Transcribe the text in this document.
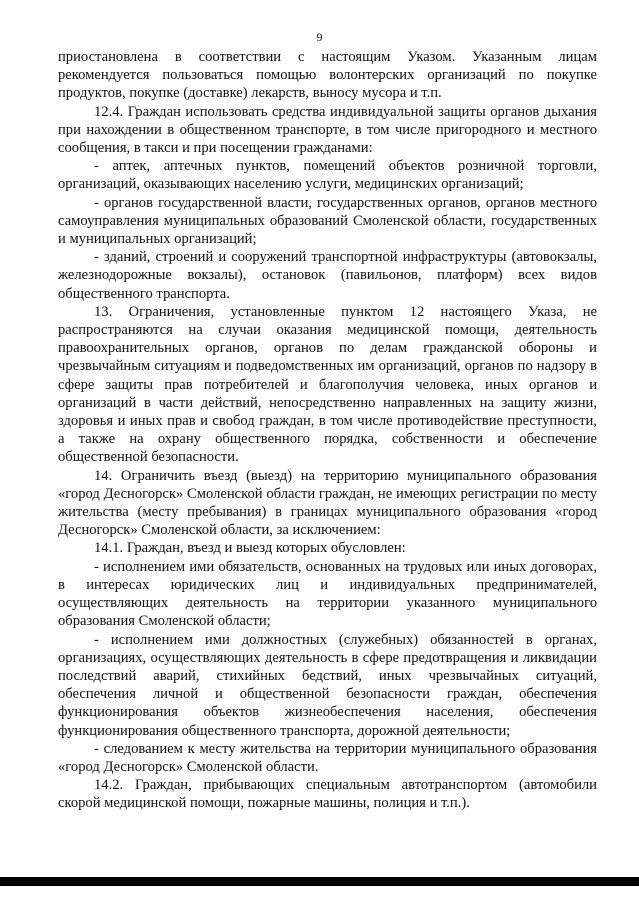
9

приостановлена в соответствии с настоящим Указом. Указанным лицам рекомендуется пользоваться помощью волонтерских организаций по покупке продуктов, покупке (доставке) лекарств, выносу мусора и т.п.

12.4. Граждан использовать средства индивидуальной защиты органов дыхания при нахождении в общественном транспорте, в том числе пригородного и местного сообщения, в такси и при посещении гражданами:

- аптек, аптечных пунктов, помещений объектов розничной торговли, организаций, оказывающих населению услуги, медицинских организаций;

- органов государственной власти, государственных органов, органов местного самоуправления муниципальных образований Смоленской области, государственных и муниципальных организаций;

- зданий, строений и сооружений транспортной инфраструктуры (автовокзалы, железнодорожные вокзалы), остановок (павильонов, платформ) всех видов общественного транспорта.

13. Ограничения, установленные пунктом 12 настоящего Указа, не распространяются на случаи оказания медицинской помощи, деятельность правоохранительных органов, органов по делам гражданской обороны и чрезвычайным ситуациям и подведомственных им организаций, органов по надзору в сфере защиты прав потребителей и благополучия человека, иных органов и организаций в части действий, непосредственно направленных на защиту жизни, здоровья и иных прав и свобод граждан, в том числе противодействие преступности, а также на охрану общественного порядка, собственности и обеспечение общественной безопасности.

14. Ограничить въезд (выезд) на территорию муниципального образования «город Десногорск» Смоленской области граждан, не имеющих регистрации по месту жительства (месту пребывания) в границах муниципального образования «город Десногорск» Смоленской области, за исключением:

14.1. Граждан, въезд и выезд которых обусловлен:

- исполнением ими обязательств, основанных на трудовых или иных договорах, в интересах юридических лиц и индивидуальных предпринимателей, осуществляющих деятельность на территории указанного муниципального образования Смоленской области;

- исполнением ими должностных (служебных) обязанностей в органах, организациях, осуществляющих деятельность в сфере предотвращения и ликвидации последствий аварий, стихийных бедствий, иных чрезвычайных ситуаций, обеспечения личной и общественной безопасности граждан, обеспечения функционирования объектов жизнеобеспечения населения, обеспечения функционирования общественного транспорта, дорожной деятельности;

- следованием к месту жительства на территории муниципального образования «город Десногорск» Смоленской области.

14.2. Граждан, прибывающих специальным автотранспортом (автомобили скорой медицинской помощи, пожарные машины, полиция и т.п.).
